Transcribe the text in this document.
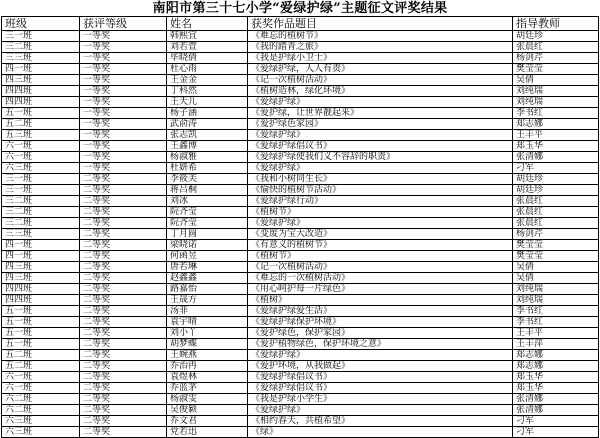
南阳市第三十七小学“爱绿护绿”主题征文评奖结果
班级	获评等级	姓名	获奖作品题目	指导教师
三一班	一等奖	韩熙宜	《难忘的植树节》	胡廷珍
三二班	一等奖	刘若萱	《我的踏青之旅》	张晨红
三三班	一等奖	毕晓倩	《我是护绿小卫士》	杨剑芹
四一班	一等奖	杜心雨	《爱绿护绿，人人有责》	樊莹莹
四三班	一等奖	王金金	《记一次植树活动》	吴倩
四四班	一等奖	丁科然	《植树造林，绿化环境》	刘纯瑞
四四班	一等奖	王天儿	《爱绿护绿》	刘纯瑞
五一班	一等奖	杨子涵	《爱护绿，让世界靓起来》	李书红
五二班	一等奖	武俞涛	《爱护绿色家园》	郑志娜
五三班	一等奖	张志凯	《爱绿护绿》	王丰平
六一班	一等奖	王鑫博	《爱绿护绿倡议书》	郑玉华
六一班	一等奖	杨淑雅	《爱绿护绿使我们义不容辞的职责》	张清娜
六三班	一等奖	杜妍希	《爱绿护绿》	刁军
三一班	二等奖	李筱芙	《我和小树同生长》	胡廷珍
三一班	二等奖	蒋吕桐	《愉快的植树节活动》	胡廷珍
三二班	二等奖	刘冰	《爱绿护绿行动》	张晨红
三二班	二等奖	院齐莹	《植树节》	张晨红
三二班	二等奖	院齐莹	《爱绿护绿》	张晨红
三三班	二等奖	丁月圆	《变废为宝大改造》	杨剑芹
四一班	二等奖	梁晓诺	《有意义的植树节》	樊莹莹
四一班	二等奖	何函昱	《植树节》	樊莹莹
四三班	二等奖	唐若琳	《记一次植树活动》	吴倩
四三班	二等奖	赵鑫鑫	《难忘的一次植树活动》	吴倩
四四班	二等奖	路嘉怡	《用心呵护每一片绿色》	刘纯瑞
四四班	二等奖	王晟方	《植树》	刘纯瑞
五一班	二等奖	汤菲	《爱绿护绿爱生活》	李书红
五一班	二等奖	袁宇晴	《爱绿护绿保护环境》	李书红
五一班	二等奖	刘小丫	《爱护绿色，保护家园》	王丰平
五一班	二等奖	胡梦蝶	《爱护植物绿色，保护环境之意》	王丰萍
五二班	二等奖	王婉燕	《爱绿护绿》	郑志娜
五二班	二等奖	乔治冉	《爱护环境，从我做起》	郑志娜
六一班	二等奖	袁煜林	《爱绿护绿倡议书》	郑玉华
六一班	二等奖	乔蓝茅	《爱绿护绿倡议书》	郑玉华
六二班	二等奖	杨淑雯	《我是护绿小学生》	张清娜
六二班	二等奖	吴俊颖	《爱绿护绿》	张清娜
六三班	二等奖	乔文君	《相约春天，共植希望》	刁军
六三班	二等奖	党若迅	《绿》	刁军
